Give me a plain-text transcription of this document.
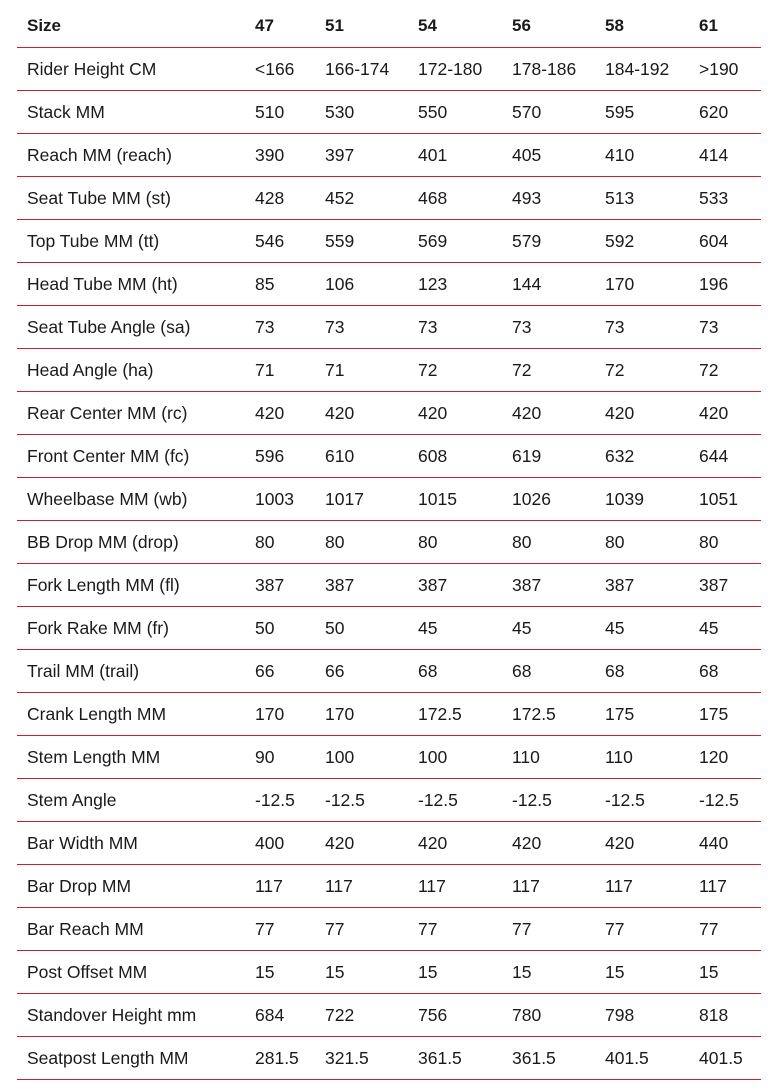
Size	47	51	54	56	58	61
Rider Height CM	<166	166-174	172-180	178-186	184-192	>190
Stack MM	510	530	550	570	595	620
Reach MM (reach)	390	397	401	405	410	414
Seat Tube MM (st)	428	452	468	493	513	533
Top Tube MM (tt)	546	559	569	579	592	604
Head Tube MM (ht)	85	106	123	144	170	196
Seat Tube Angle (sa)	73	73	73	73	73	73
Head Angle (ha)	71	71	72	72	72	72
Rear Center MM (rc)	420	420	420	420	420	420
Front Center MM (fc)	596	610	608	619	632	644
Wheelbase MM (wb)	1003	1017	1015	1026	1039	1051
BB Drop MM (drop)	80	80	80	80	80	80
Fork Length MM (fl)	387	387	387	387	387	387
Fork Rake MM (fr)	50	50	45	45	45	45
Trail MM (trail)	66	66	68	68	68	68
Crank Length MM	170	170	172.5	172.5	175	175
Stem Length MM	90	100	100	110	110	120
Stem Angle	-12.5	-12.5	-12.5	-12.5	-12.5	-12.5
Bar Width MM	400	420	420	420	420	440
Bar Drop MM	117	117	117	117	117	117
Bar Reach MM	77	77	77	77	77	77
Post Offset MM	15	15	15	15	15	15
Standover Height mm	684	722	756	780	798	818
Seatpost Length MM	281.5	321.5	361.5	361.5	401.5	401.5
